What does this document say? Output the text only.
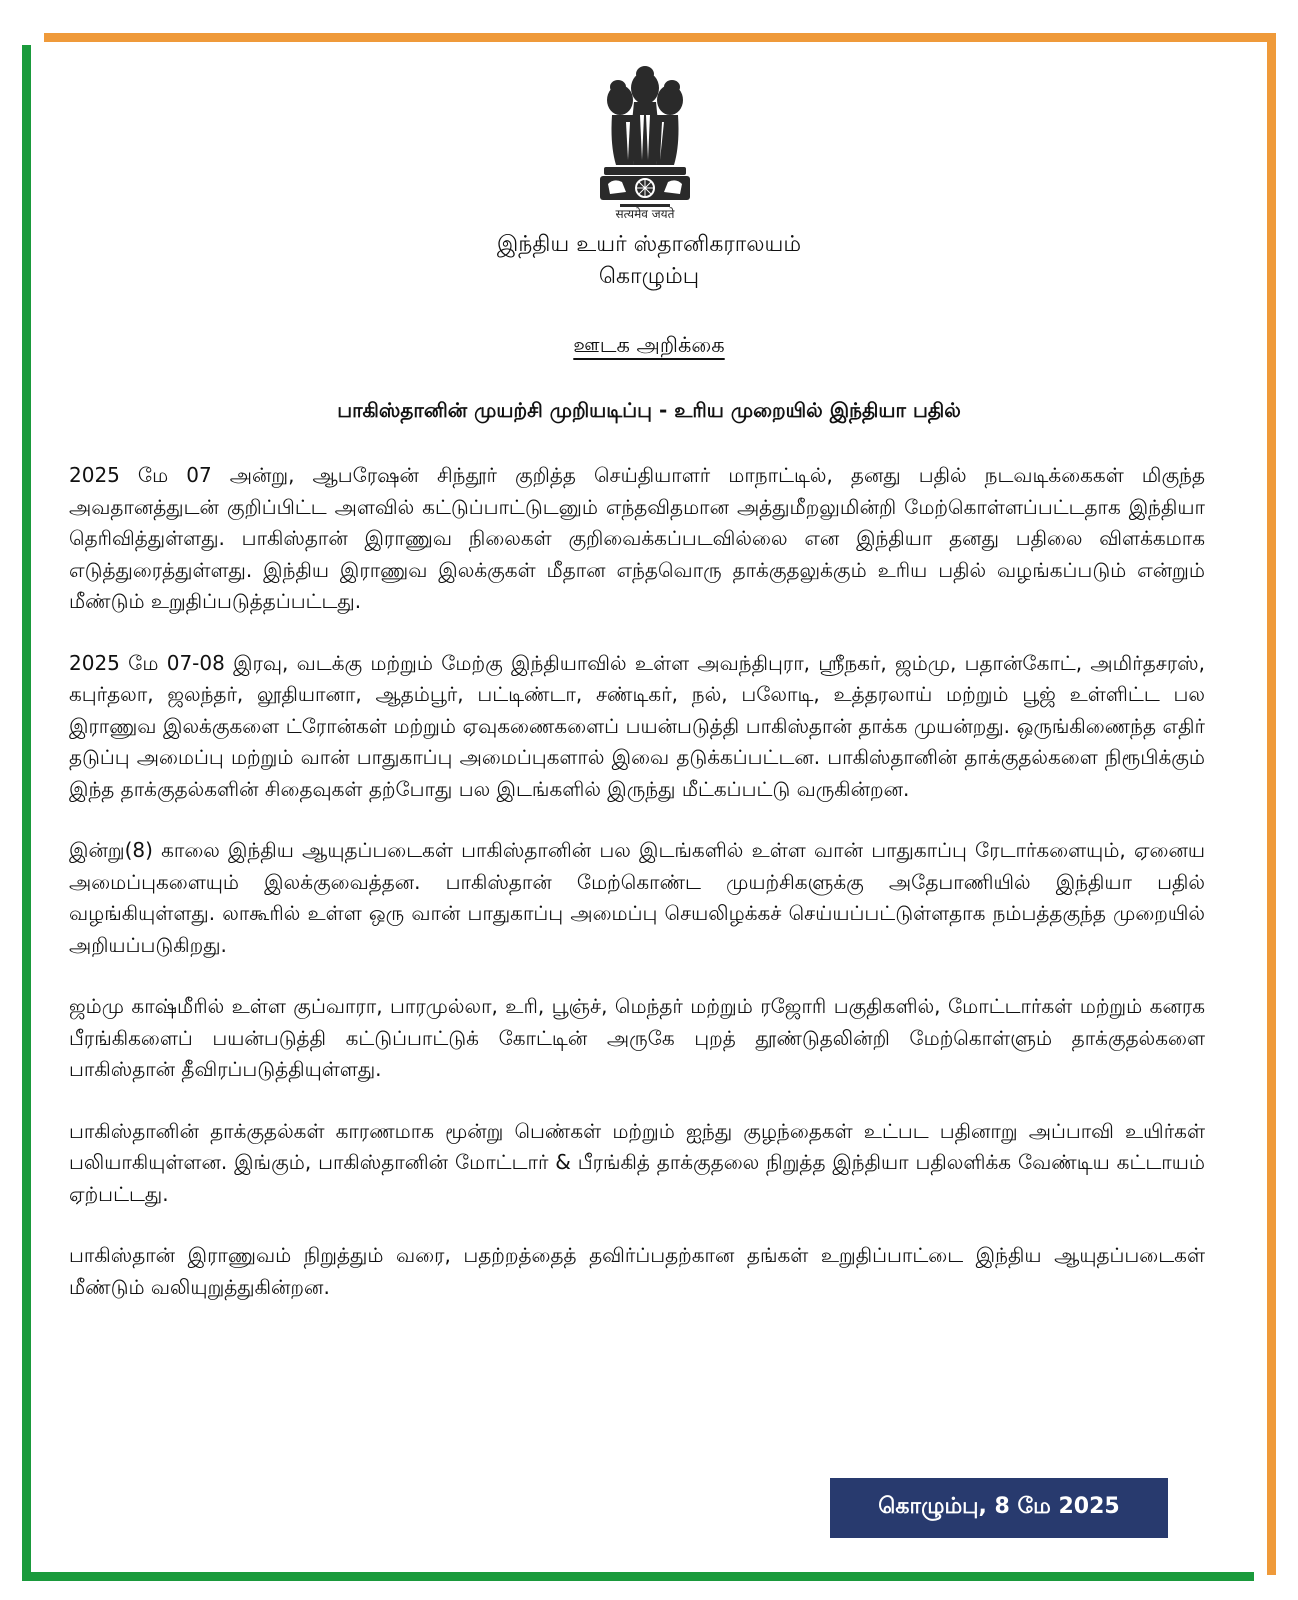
सत्यमेव जयते
இந்திய உயர் ஸ்தானிகராலயம்
கொழும்பு
ஊடக அறிக்கை
பாகிஸ்தானின் முயற்சி முறியடிப்பு - உரிய முறையில் இந்தியா பதில்

2025 மே 07 அன்று, ஆபரேஷன் சிந்தூர் குறித்த செய்தியாளர் மாநாட்டில், தனது பதில் நடவடிக்கைகள் மிகுந்த அவதானத்துடன் குறிப்பிட்ட அளவில் கட்டுப்பாட்டுடனும் எந்தவிதமான அத்துமீறலுமின்றி மேற்கொள்ளப்பட்டதாக இந்தியா தெரிவித்துள்ளது. பாகிஸ்தான் இராணுவ நிலைகள் குறிவைக்கப்படவில்லை என இந்தியா தனது பதிலை விளக்கமாக எடுத்துரைத்துள்ளது. இந்திய இராணுவ இலக்குகள் மீதான எந்தவொரு தாக்குதலுக்கும் உரிய பதில் வழங்கப்படும் என்றும் மீண்டும் உறுதிப்படுத்தப்பட்டது.

2025 மே 07-08 இரவு, வடக்கு மற்றும் மேற்கு இந்தியாவில் உள்ள அவந்திபுரா, ஸ்ரீநகர், ஜம்மு, பதான்கோட், அமிர்தசரஸ், கபுர்தலா, ஜலந்தர், லூதியானா, ஆதம்பூர், பட்டிண்டா, சண்டிகர், நல், பலோடி, உத்தரலாய் மற்றும் பூஜ் உள்ளிட்ட பல இராணுவ இலக்குகளை ட்ரோன்கள் மற்றும் ஏவுகணைகளைப் பயன்படுத்தி பாகிஸ்தான் தாக்க முயன்றது. ஒருங்கிணைந்த எதிர் தடுப்பு அமைப்பு மற்றும் வான் பாதுகாப்பு அமைப்புகளால் இவை தடுக்கப்பட்டன. பாகிஸ்தானின் தாக்குதல்களை நிரூபிக்கும் இந்த தாக்குதல்களின் சிதைவுகள் தற்போது பல இடங்களில் இருந்து மீட்கப்பட்டு வருகின்றன.

இன்று(8) காலை இந்திய ஆயுதப்படைகள் பாகிஸ்தானின் பல இடங்களில் உள்ள வான் பாதுகாப்பு ரேடார்களையும், ஏனைய அமைப்புகளையும் இலக்குவைத்தன. பாகிஸ்தான் மேற்கொண்ட முயற்சிகளுக்கு அதேபாணியில் இந்தியா பதில் வழங்கியுள்ளது. லாகூரில் உள்ள ஒரு வான் பாதுகாப்பு அமைப்பு செயலிழக்கச் செய்யப்பட்டுள்ளதாக நம்பத்தகுந்த முறையில் அறியப்படுகிறது.

ஜம்மு காஷ்மீரில் உள்ள குப்வாரா, பாரமுல்லா, உரி, பூஞ்ச், மெந்தர் மற்றும் ரஜோரி பகுதிகளில், மோட்டார்கள் மற்றும் கனரக பீரங்கிகளைப் பயன்படுத்தி கட்டுப்பாட்டுக் கோட்டின் அருகே புறத் தூண்டுதலின்றி மேற்கொள்ளும் தாக்குதல்களை பாகிஸ்தான் தீவிரப்படுத்தியுள்ளது.

பாகிஸ்தானின் தாக்குதல்கள் காரணமாக மூன்று பெண்கள் மற்றும் ஐந்து குழந்தைகள் உட்பட பதினாறு அப்பாவி உயிர்கள் பலியாகியுள்ளன. இங்கும், பாகிஸ்தானின் மோட்டார் & பீரங்கித் தாக்குதலை நிறுத்த இந்தியா பதிலளிக்க வேண்டிய கட்டாயம் ஏற்பட்டது.

பாகிஸ்தான் இராணுவம் நிறுத்தும் வரை, பதற்றத்தைத் தவிர்ப்பதற்கான தங்கள் உறுதிப்பாட்டை இந்திய ஆயுதப்படைகள் மீண்டும் வலியுறுத்துகின்றன.

கொழும்பு, 8 மே 2025
